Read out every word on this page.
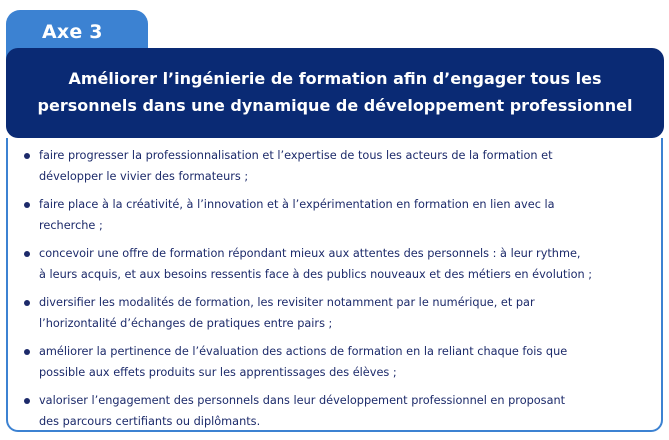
Axe 3
Améliorer l’ingénierie de formation afin d’engager tous les
personnels dans une dynamique de développement professionnel
faire progresser la professionnalisation et l’expertise de tous les acteurs de la formation et
développer le vivier des formateurs ;
faire place à la créativité, à l’innovation et à l’expérimentation en formation en lien avec la
recherche ;
concevoir une offre de formation répondant mieux aux attentes des personnels : à leur rythme,
à leurs acquis, et aux besoins ressentis face à des publics nouveaux et des métiers en évolution ;
diversifier les modalités de formation, les revisiter notamment par le numérique, et par
l’horizontalité d’échanges de pratiques entre pairs ;
améliorer la pertinence de l’évaluation des actions de formation en la reliant chaque fois que
possible aux effets produits sur les apprentissages des élèves ;
valoriser l’engagement des personnels dans leur développement professionnel en proposant
des parcours certifiants ou diplômants.
